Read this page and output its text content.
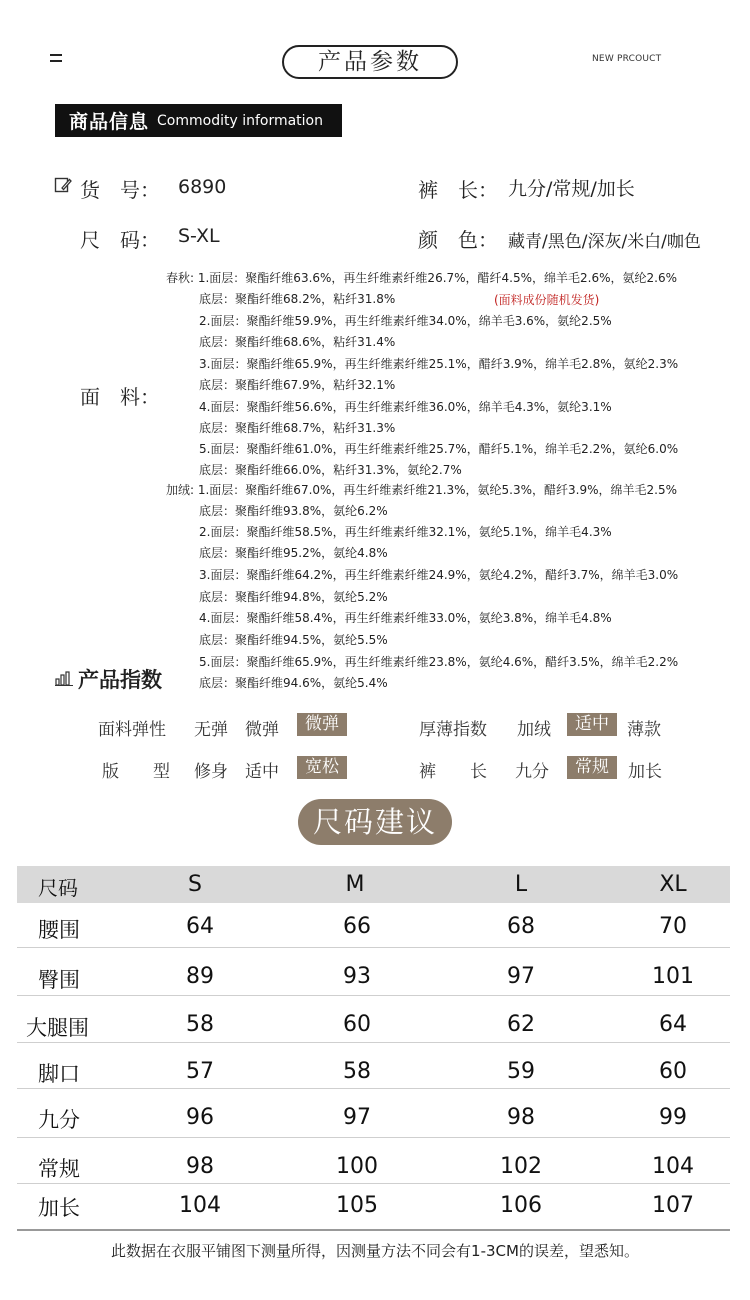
产品参数	NEW PRCOUCT
商品信息 Commodity information
货　号： 6890	裤　长： 九分/常规/加长
尺　码： S-XL	颜　色： 藏青/黑色/深灰/米白/咖色
面　料：
(面料成份随机发货)
春秋: 1.面层：聚酯纤维63.6%，再生纤维素纤维26.7%，醋纤4.5%，绵羊毛2.6%，氨纶2.6%
底层：聚酯纤维68.2%，粘纤31.8%
2.面层：聚酯纤维59.9%，再生纤维素纤维34.0%，绵羊毛3.6%，氨纶2.5%
底层：聚酯纤维68.6%，粘纤31.4%
3.面层：聚酯纤维65.9%，再生纤维素纤维25.1%，醋纤3.9%，绵羊毛2.8%，氨纶2.3%
底层：聚酯纤维67.9%，粘纤32.1%
4.面层：聚酯纤维56.6%，再生纤维素纤维36.0%，绵羊毛4.3%，氨纶3.1%
底层：聚酯纤维68.7%，粘纤31.3%
5.面层：聚酯纤维61.0%，再生纤维素纤维25.7%，醋纤5.1%，绵羊毛2.2%，氨纶6.0%
底层：聚酯纤维66.0%，粘纤31.3%，氨纶2.7%
加绒: 1.面层：聚酯纤维67.0%，再生纤维素纤维21.3%，氨纶5.3%，醋纤3.9%，绵羊毛2.5%
底层：聚酯纤维93.8%，氨纶6.2%
2.面层：聚酯纤维58.5%，再生纤维素纤维32.1%，氨纶5.1%，绵羊毛4.3%
底层：聚酯纤维95.2%，氨纶4.8%
3.面层：聚酯纤维64.2%，再生纤维素纤维24.9%，氨纶4.2%，醋纤3.7%，绵羊毛3.0%
底层：聚酯纤维94.8%，氨纶5.2%
4.面层：聚酯纤维58.4%，再生纤维素纤维33.0%，氨纶3.8%，绵羊毛4.8%
底层：聚酯纤维94.5%，氨纶5.5%
5.面层：聚酯纤维65.9%，再生纤维素纤维23.8%，氨纶4.6%，醋纤3.5%，绵羊毛2.2%
底层：聚酯纤维94.6%，氨纶5.4%
产品指数
面料弹性 无弹 微弹	微弹	厚薄指数 加绒	适中	薄款
版　　型 修身 适中	宽松	裤　　长 九分	常规	加长
尺码建议
尺码	S	M	L	XL
腰围	64	66	68	70
臀围	89	93	97	101
大腿围	58	60	62	64
脚口	57	58	59	60
九分	96	97	98	99
常规	98	100	102	104
加长	104	105	106	107
此数据在衣服平铺图下测量所得，因测量方法不同会有1-3CM的误差，望悉知。
